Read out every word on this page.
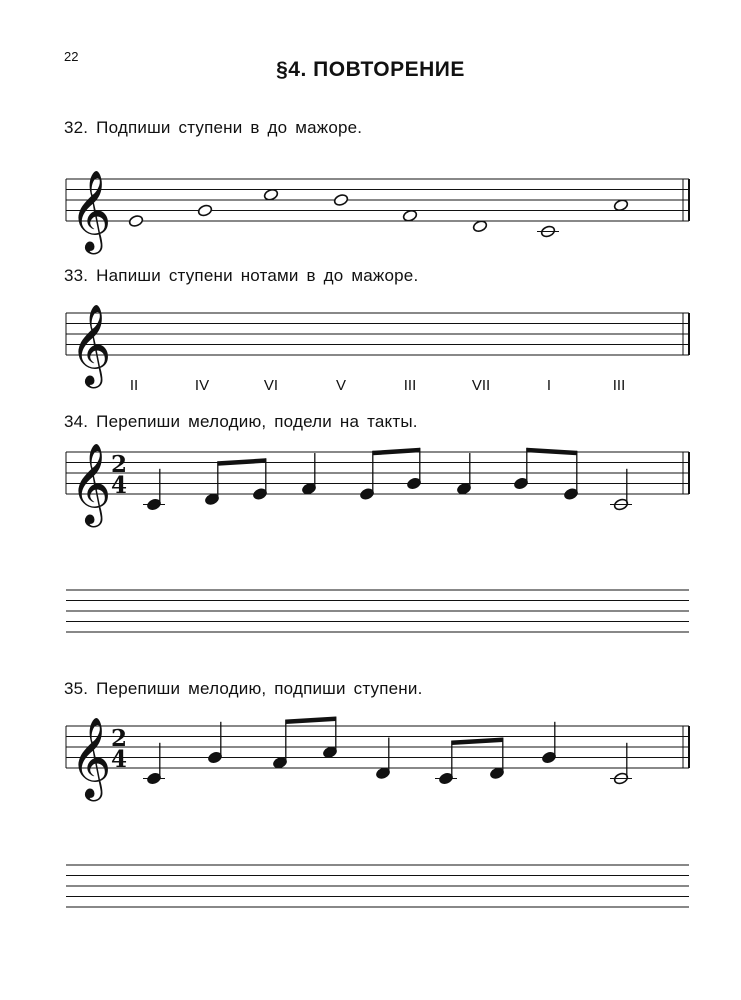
22
§4. ПОВТОРЕНИЕ
32. Подпиши ступени в до мажоре.
33. Напиши ступени нотами в до мажоре.
34. Перепиши мелодию, подели на такты.
35. Перепиши мелодию, подпиши ступени.
𝄞
𝄞
II	IV	VI	V	III	VII	I	III
𝄞 2
4
𝄞 2
4
